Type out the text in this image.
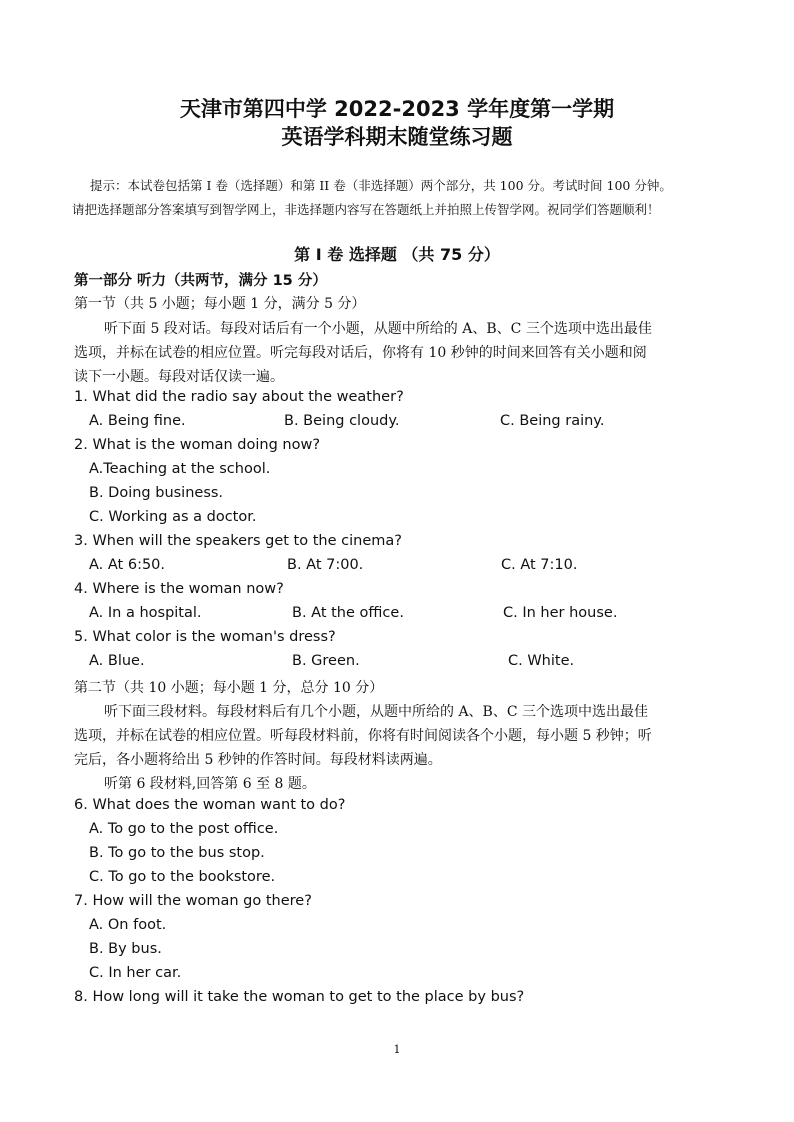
天津市第四中学 2022-2023 学年度第一学期
英语学科期末随堂练习题
提示：本试卷包括第 I 卷（选择题）和第 II 卷（非选择题）两个部分，共 100 分。考试时间 100 分钟。
请把选择题部分答案填写到智学网上，非选择题内容写在答题纸上并拍照上传智学网。祝同学们答题顺利！
第 I 卷 选择题 （共 75 分）
第一部分 听力（共两节，满分 15 分）
第一节（共 5 小题；每小题 1 分，满分 5 分）
听下面 5 段对话。每段对话后有一个小题，从题中所给的 A、B、C 三个选项中选出最佳
选项，并标在试卷的相应位置。听完每段对话后，你将有 10 秒钟的时间来回答有关小题和阅
读下一小题。每段对话仅读一遍。
1. What did the radio say about the weather?
A. Being fine.	B. Being cloudy.	C. Being rainy.
2. What is the woman doing now?
A.Teaching at the school.
B. Doing business.
C. Working as a doctor.
3. When will the speakers get to the cinema?
A. At 6:50.	B. At 7:00.	C. At 7:10.
4. Where is the woman now?
A. In a hospital.	B. At the office.	C. In her house.
5. What color is the woman's dress?
A. Blue.	B. Green.	C. White.
第二节（共 10 小题；每小题 1 分，总分 10 分）
听下面三段材料。每段材料后有几个小题，从题中所给的 A、B、C 三个选项中选出最佳
选项，并标在试卷的相应位置。听每段材料前，你将有时间阅读各个小题，每小题 5 秒钟；听
完后，各小题将给出 5 秒钟的作答时间。每段材料读两遍。
听第 6 段材料,回答第 6 至 8 题。
6. What does the woman want to do?
A. To go to the post office.
B. To go to the bus stop.
C. To go to the bookstore.
7. How will the woman go there?
A. On foot.
B. By bus.
C. In her car.
8. How long will it take the woman to get to the place by bus?
1
